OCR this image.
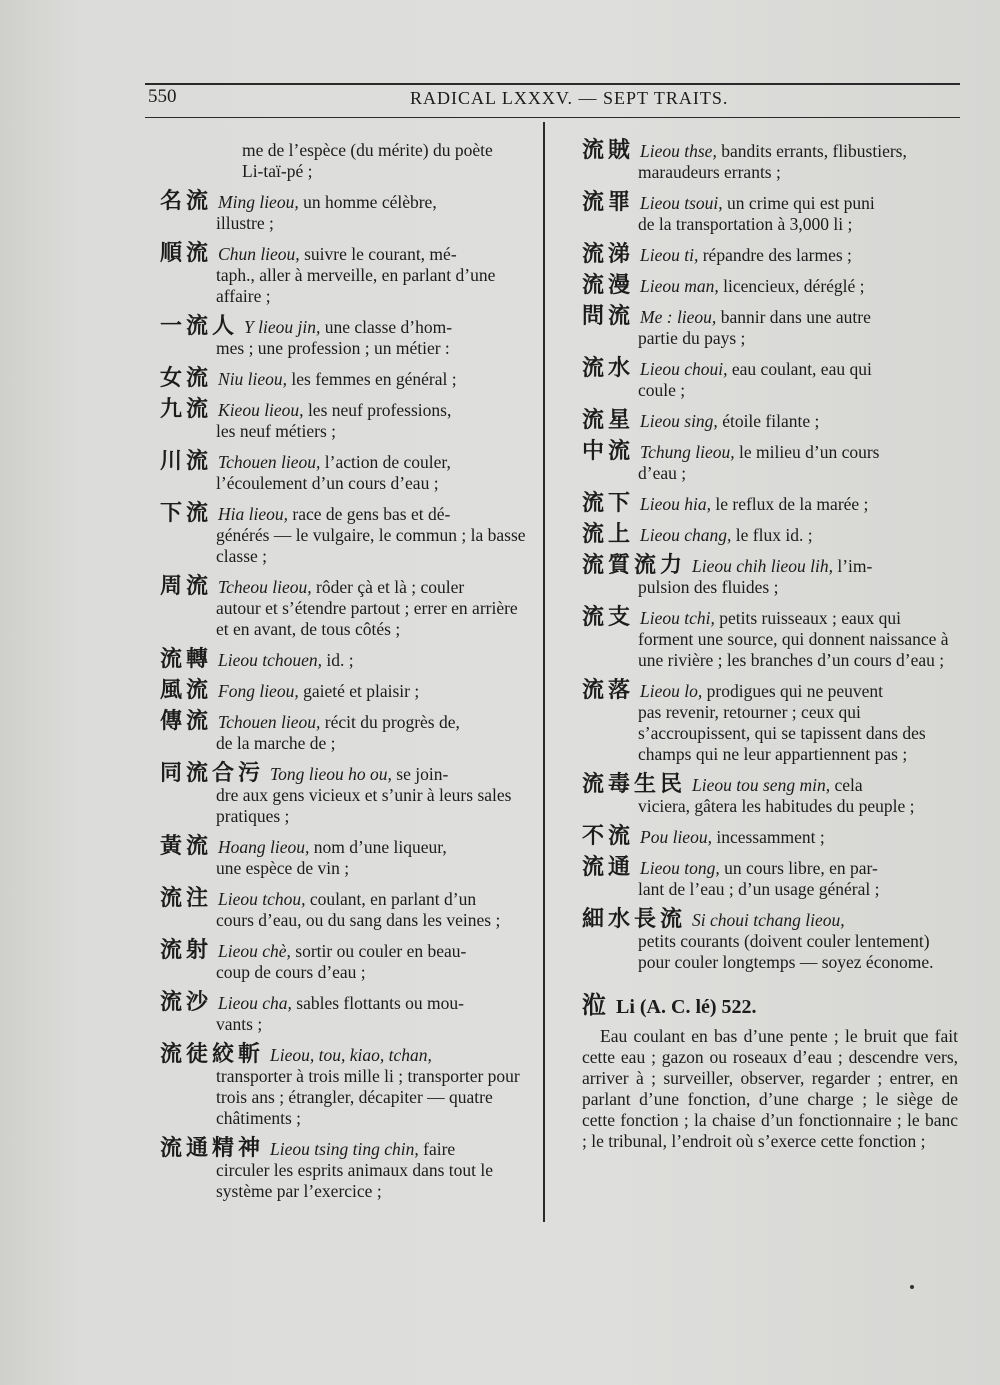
550	RADICAL LXXXV. — SEPT TRAITS.
me de l’espèce (du mérite) du poète
Li-taï-pé ;
名流 Ming lieou, un homme célèbre,
illustre ;
順流 Chun lieou, suivre le courant, mé-
taph., aller à merveille, en parlant d’une affaire ;
一流人 Y lieou jin, une classe d’hom-
mes ; une profession ; un métier :
女流 Niu lieou, les femmes en général ;
九流 Kieou lieou, les neuf professions,
les neuf métiers ;
川流 Tchouen lieou, l’action de couler,
l’écoulement d’un cours d’eau ;
下流 Hia lieou, race de gens bas et dé-
générés — le vulgaire, le commun ; la basse classe ;
周流 Tcheou lieou, rôder çà et là ; couler
autour et s’étendre partout ; errer en arrière et en avant, de tous côtés ;
流轉 Lieou tchouen, id. ;
風流 Fong lieou, gaieté et plaisir ;
傳流 Tchouen lieou, récit du progrès de,
de la marche de ;
同流合污 Tong lieou ho ou, se join-
dre aux gens vicieux et s’unir à leurs sales pratiques ;
黃流 Hoang lieou, nom d’une liqueur,
une espèce de vin ;
流注 Lieou tchou, coulant, en parlant d’un
cours d’eau, ou du sang dans les veines ;
流射 Lieou chè, sortir ou couler en beau-
coup de cours d’eau ;
流沙 Lieou cha, sables flottants ou mou-
vants ;
流徒絞斬 Lieou, tou, kiao, tchan,
transporter à trois mille li ; transporter pour trois ans ; étrangler, décapiter — quatre châtiments ;
流通精神 Lieou tsing ting chin, faire
circuler les esprits animaux dans tout le système par l’exercice ;
流賊 Lieou thse, bandits errants, flibustiers,
maraudeurs errants ;
流罪 Lieou tsoui, un crime qui est puni
de la transportation à 3,000 li ;
流涕 Lieou ti, répandre des larmes ;
流漫 Lieou man, licencieux, déréglé ;
問流 Me : lieou, bannir dans une autre
partie du pays ;
流水 Lieou choui, eau coulant, eau qui
coule ;
流星 Lieou sing, étoile filante ;
中流 Tchung lieou, le milieu d’un cours
d’eau ;
流下 Lieou hia, le reflux de la marée ;
流上 Lieou chang, le flux id. ;
流質流力 Lieou chih lieou lih, l’im-
pulsion des fluides ;
流支 Lieou tchi, petits ruisseaux ; eaux qui
forment une source, qui donnent naissance à une rivière ; les branches d’un cours d’eau ;
流落 Lieou lo, prodigues qui ne peuvent
pas revenir, retourner ; ceux qui s’accroupissent, qui se tapissent dans des champs qui ne leur appartiennent pas ;
流毒生民 Lieou tou seng min, cela
viciera, gâtera les habitudes du peuple ;
不流 Pou lieou, incessamment ;
流通 Lieou tong, un cours libre, en par-
lant de l’eau ; d’un usage général ;
細水長流 Si choui tchang lieou,
petits courants (doivent couler lentement) pour couler longtemps — soyez économe.
涖 Li (A. C. lé) 522.
Eau coulant en bas d’une pente ; le bruit que fait cette eau ; gazon ou roseaux d’eau ; descendre vers, arriver à ; surveiller, observer, regarder ; entrer, en parlant d’une fonction, d’une charge ; le siège de cette fonction ; la chaise d’un fonctionnaire ; le banc ; le tribunal, l’endroit où s’exerce cette fonction ;
